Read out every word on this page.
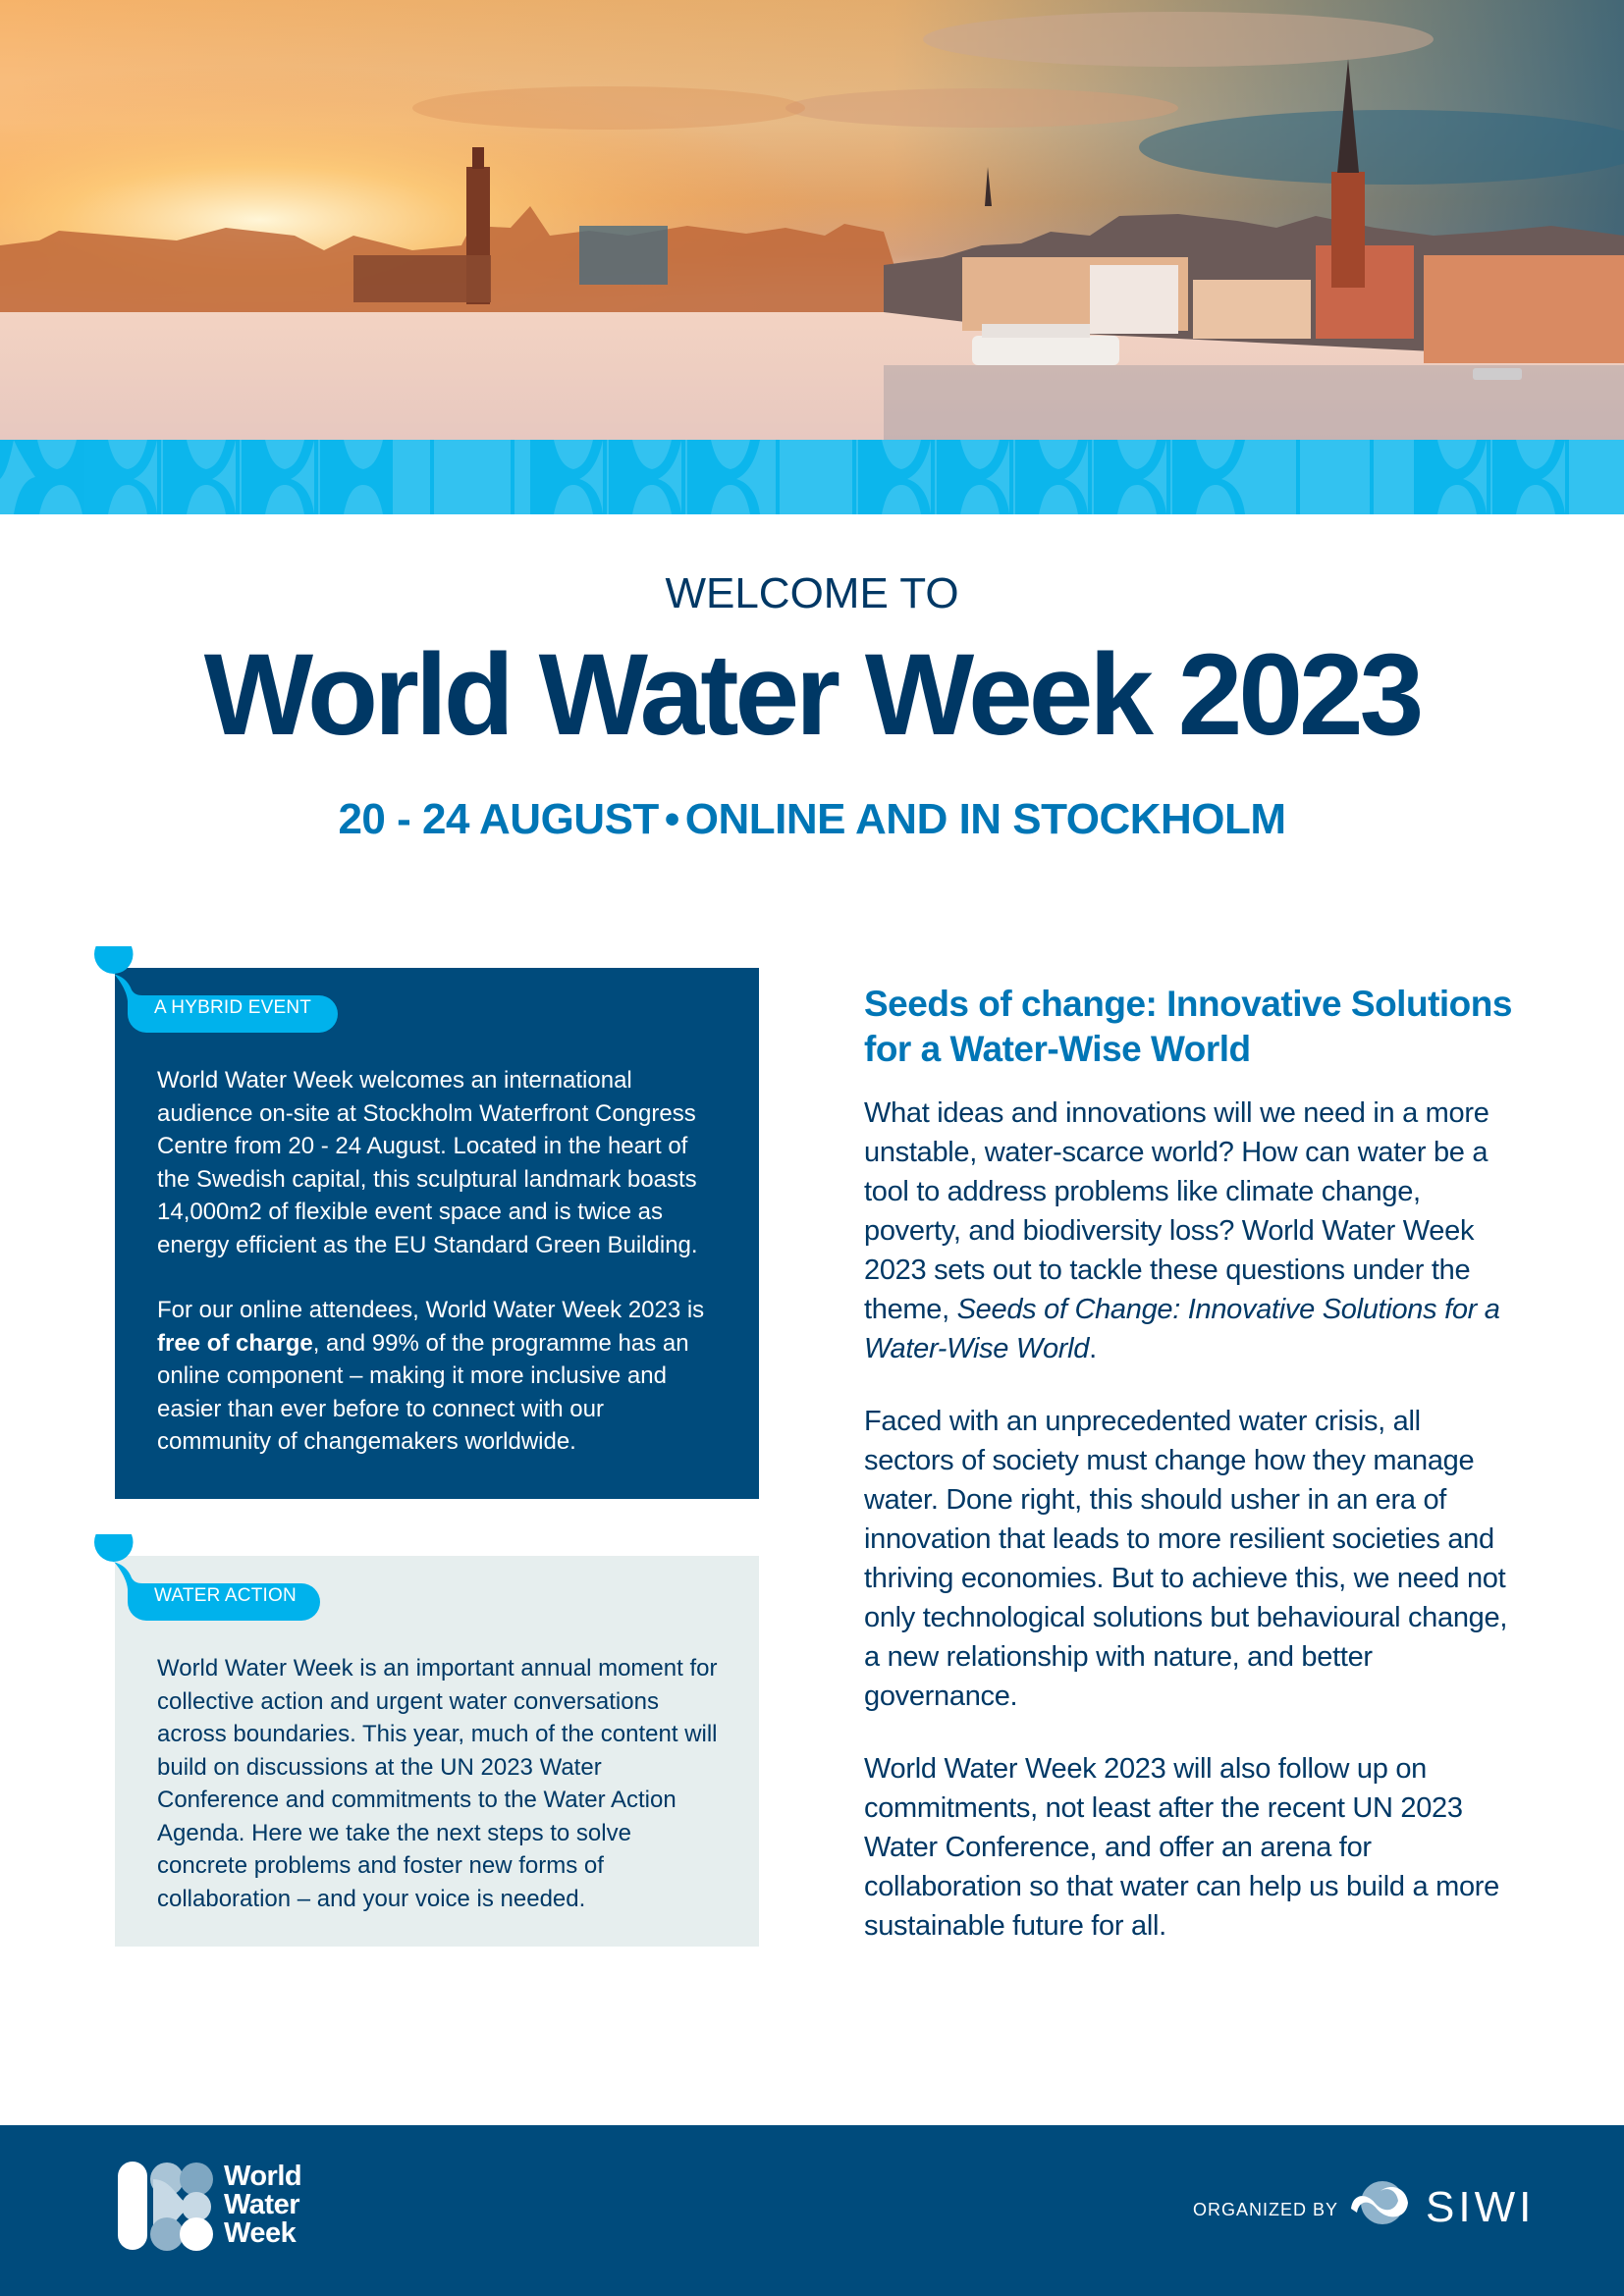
WELCOME TO
World Water Week 2023
20 - 24 AUGUST • ONLINE AND IN STOCKHOLM
A HYBRID EVENT

World Water Week welcomes an international audience on-site at Stockholm Waterfront Congress Centre from 20 - 24 August. Located in the heart of the Swedish capital, this sculptural landmark boasts 14,000m2 of flexible event space and is twice as energy efficient as the EU Standard Green Building.

For our online attendees, World Water Week 2023 is free of charge, and 99% of the programme has an online component – making it more inclusive and easier than ever before to connect with our community of changemakers worldwide.

WATER ACTION

World Water Week is an important annual moment for collective action and urgent water conversations across boundaries. This year, much of the content will build on discussions at the UN 2023 Water Conference and commitments to the Water Action Agenda. Here we take the next steps to solve concrete problems and foster new forms of collaboration – and your voice is needed.

Seeds of change: Innovative Solutions for a Water-Wise World

What ideas and innovations will we need in a more unstable, water-scarce world? How can water be a tool to address problems like climate change, poverty, and biodiversity loss? World Water Week 2023 sets out to tackle these questions under the theme, Seeds of Change: Innovative Solutions for a Water-Wise World.

Faced with an unprecedented water crisis, all sectors of society must change how they manage water. Done right, this should usher in an era of innovation that leads to more resilient societies and thriving economies. But to achieve this, we need not only technological solutions but behavioural change, a new relationship with nature, and better governance.

World Water Week 2023 will also follow up on commitments, not least after the recent UN 2023 Water Conference, and offer an arena for collaboration so that water can help us build a more sustainable future for all.

World
Water
Week
ORGANIZED BY SIWI
